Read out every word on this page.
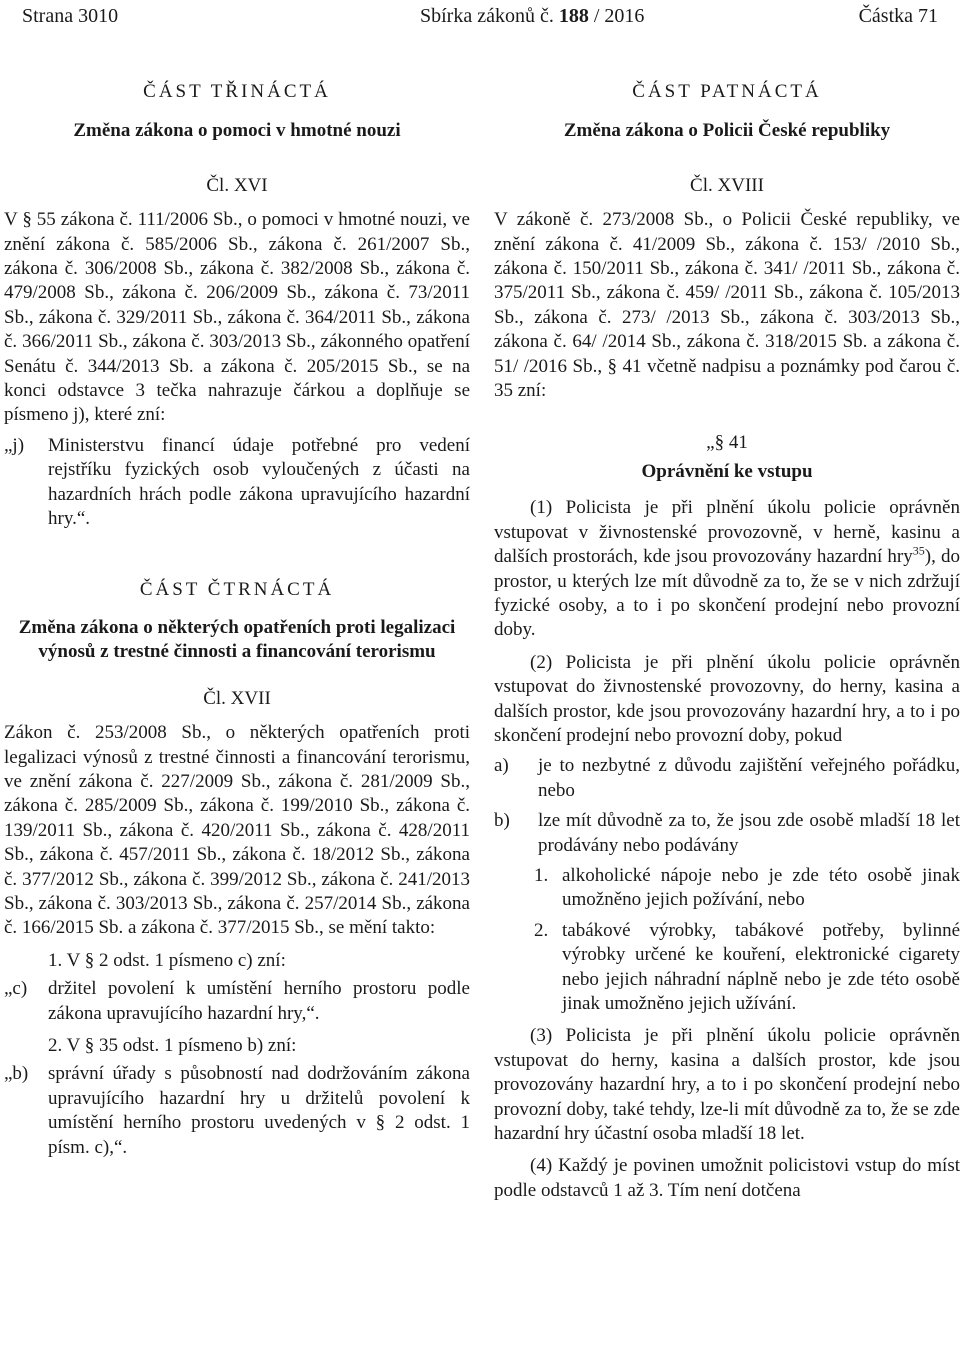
Strana 3010	Sbírka zákonů č. 188 / 2016	Částka 71

ČÁST TŘINÁCTÁ

Změna zákona o pomoci v hmotné nouzi

Čl. XVI

V § 55 zákona č. 111/2006 Sb., o pomoci v hmotné nouzi, ve znění zákona č. 585/2006 Sb., zákona č. 261/2007 Sb., zákona č. 306/2008 Sb., zákona č. 382/2008 Sb., zákona č. 479/2008 Sb., zákona č. 206/2009 Sb., zákona č. 73/2011 Sb., zákona č. 329/2011 Sb., zákona č. 364/2011 Sb., zákona č. 366/2011 Sb., zákona č. 303/2013 Sb., zákonného opatření Senátu č. 344/2013 Sb. a zákona č. 205/2015 Sb., se na konci odstavce 3 tečka nahrazuje čárkou a doplňuje se písmeno j), které zní:

„j) Ministerstvu financí údaje potřebné pro vedení rejstříku fyzických osob vyloučených z účasti na hazardních hrách podle zákona upravujícího hazardní hry.“.

ČÁST ČTRNÁCTÁ

Změna zákona o některých opatřeních proti legalizaci výnosů z trestné činnosti a financování terorismu

Čl. XVII

Zákon č. 253/2008 Sb., o některých opatřeních proti legalizaci výnosů z trestné činnosti a financování terorismu, ve znění zákona č. 227/2009 Sb., zákona č. 281/2009 Sb., zákona č. 285/2009 Sb., zákona č. 199/2010 Sb., zákona č. 139/2011 Sb., zákona č. 420/2011 Sb., zákona č. 428/2011 Sb., zákona č. 457/2011 Sb., zákona č. 18/2012 Sb., zákona č. 377/2012 Sb., zákona č. 399/2012 Sb., zákona č. 241/2013 Sb., zákona č. 303/2013 Sb., zákona č. 257/2014 Sb., zákona č. 166/2015 Sb. a zákona č. 377/2015 Sb., se mění takto:

1. V § 2 odst. 1 písmeno c) zní:

„c) držitel povolení k umístění herního prostoru podle zákona upravujícího hazardní hry,“.

2. V § 35 odst. 1 písmeno b) zní:

„b) správní úřady s působností nad dodržováním zákona upravujícího hazardní hry u držitelů povolení k umístění herního prostoru uvedených v § 2 odst. 1 písm. c),“.

ČÁST PATNÁCTÁ

Změna zákona o Policii České republiky

Čl. XVIII

V zákoně č. 273/2008 Sb., o Policii České republiky, ve znění zákona č. 41/2009 Sb., zákona č. 153/ /2010 Sb., zákona č. 150/2011 Sb., zákona č. 341/ /2011 Sb., zákona č. 375/2011 Sb., zákona č. 459/ /2011 Sb., zákona č. 105/2013 Sb., zákona č. 273/ /2013 Sb., zákona č. 303/2013 Sb., zákona č. 64/ /2014 Sb., zákona č. 318/2015 Sb. a zákona č. 51/ /2016 Sb., § 41 včetně nadpisu a poznámky pod čarou č. 35 zní:

„§ 41

Oprávnění ke vstupu

(1) Policista je při plnění úkolu policie oprávněn vstupovat v živnostenské provozovně, v herně, kasinu a dalších prostorách, kde jsou provozovány hazardní hry$^{35}$), do prostor, u kterých lze mít důvodně za to, že se v nich zdržují fyzické osoby, a to i po skončení prodejní nebo provozní doby.

(2) Policista je při plnění úkolu policie oprávněn vstupovat do živnostenské provozovny, do herny, kasina a dalších prostor, kde jsou provozovány hazardní hry, a to i po skončení prodejní nebo provozní doby, pokud

a) je to nezbytné z důvodu zajištění veřejného pořádku, nebo
b) lze mít důvodně za to, že jsou zde osobě mladší 18 let prodávány nebo podávány
1. alkoholické nápoje nebo je zde této osobě jinak umožněno jejich požívání, nebo
2. tabákové výrobky, tabákové potřeby, bylinné výrobky určené ke kouření, elektronické cigarety nebo jejich náhradní náplně nebo je zde této osobě jinak umožněno jejich užívání.

(3) Policista je při plnění úkolu policie oprávněn vstupovat do herny, kasina a dalších prostor, kde jsou provozovány hazardní hry, a to i po skončení prodejní nebo provozní doby, také tehdy, lze-li mít důvodně za to, že se zde hazardní hry účastní osoba mladší 18 let.

(4) Každý je povinen umožnit policistovi vstup do míst podle odstavců 1 až 3. Tím není dotčena
